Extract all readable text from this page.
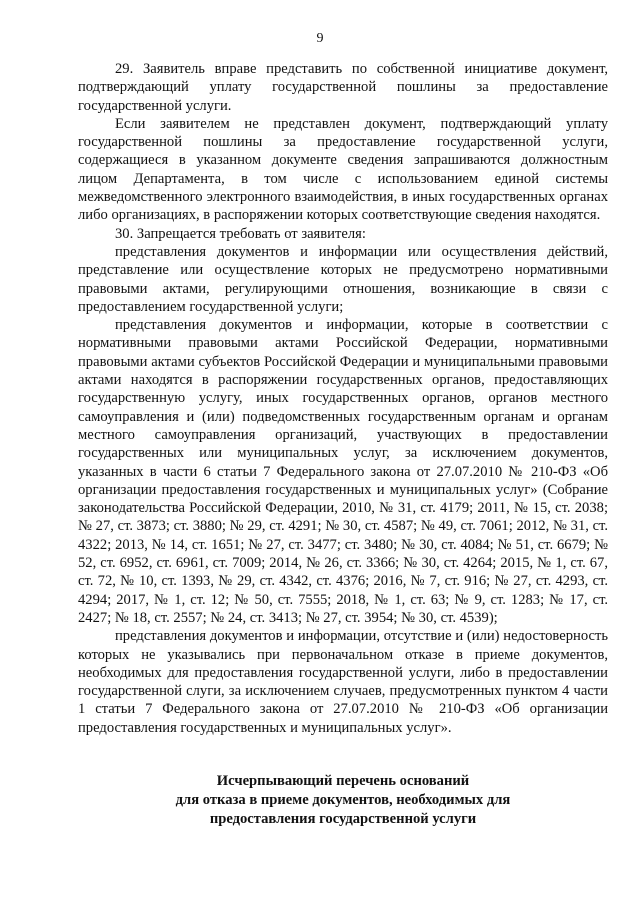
9

29. Заявитель вправе представить по собственной инициативе документ, подтверждающий уплату государственной пошлины за предоставление государственной услуги.

Если заявителем не представлен документ, подтверждающий уплату государственной пошлины за предоставление государственной услуги, содержащиеся в указанном документе сведения запрашиваются должностным лицом Департамента, в том числе с использованием единой системы межведомственного электронного взаимодействия, в иных государственных органах либо организациях, в распоряжении которых соответствующие сведения находятся.

30. Запрещается требовать от заявителя:

представления документов и информации или осуществления действий, представление или осуществление которых не предусмотрено нормативными правовыми актами, регулирующими отношения, возникающие в связи с предоставлением государственной услуги;

представления документов и информации, которые в соответствии с нормативными правовыми актами Российской Федерации, нормативными правовыми актами субъектов Российской Федерации и муниципальными правовыми актами находятся в распоряжении государственных органов, предоставляющих государственную услугу, иных государственных органов, органов местного самоуправления и (или) подведомственных государственным органам и органам местного самоуправления организаций, участвующих в предоставлении государственных или муниципальных услуг, за исключением документов, указанных в части 6 статьи 7 Федерального закона от 27.07.2010 № 210-ФЗ «Об организации предоставления государственных и муниципальных услуг» (Собрание законодательства Российской Федерации, 2010, № 31, ст. 4179; 2011, № 15, ст. 2038; № 27, ст. 3873; ст. 3880; № 29, ст. 4291; № 30, ст. 4587; № 49, ст. 7061; 2012, № 31, ст. 4322; 2013, № 14, ст. 1651; № 27, ст. 3477; ст. 3480; № 30, ст. 4084; № 51, ст. 6679; № 52, ст. 6952, ст. 6961, ст. 7009; 2014, № 26, ст. 3366; № 30, ст. 4264; 2015, № 1, ст. 67, ст. 72, № 10, ст. 1393, № 29, ст. 4342, ст. 4376; 2016, № 7, ст. 916; № 27, ст. 4293, ст. 4294; 2017, № 1, ст. 12; № 50, ст. 7555; 2018, № 1, ст. 63; № 9, ст. 1283; № 17, ст. 2427; № 18, ст. 2557; № 24, ст. 3413; № 27, ст. 3954; № 30, ст. 4539);

представления документов и информации, отсутствие и (или) недостоверность которых не указывались при первоначальном отказе в приеме документов, необходимых для предоставления государственной услуги, либо в предоставлении государственной слуги, за исключением случаев, предусмотренных пунктом 4 части 1 статьи 7 Федерального закона от 27.07.2010 № 210-ФЗ «Об организации предоставления государственных и муниципальных услуг».

Исчерпывающий перечень оснований
для отказа в приеме документов, необходимых для
предоставления государственной услуги
